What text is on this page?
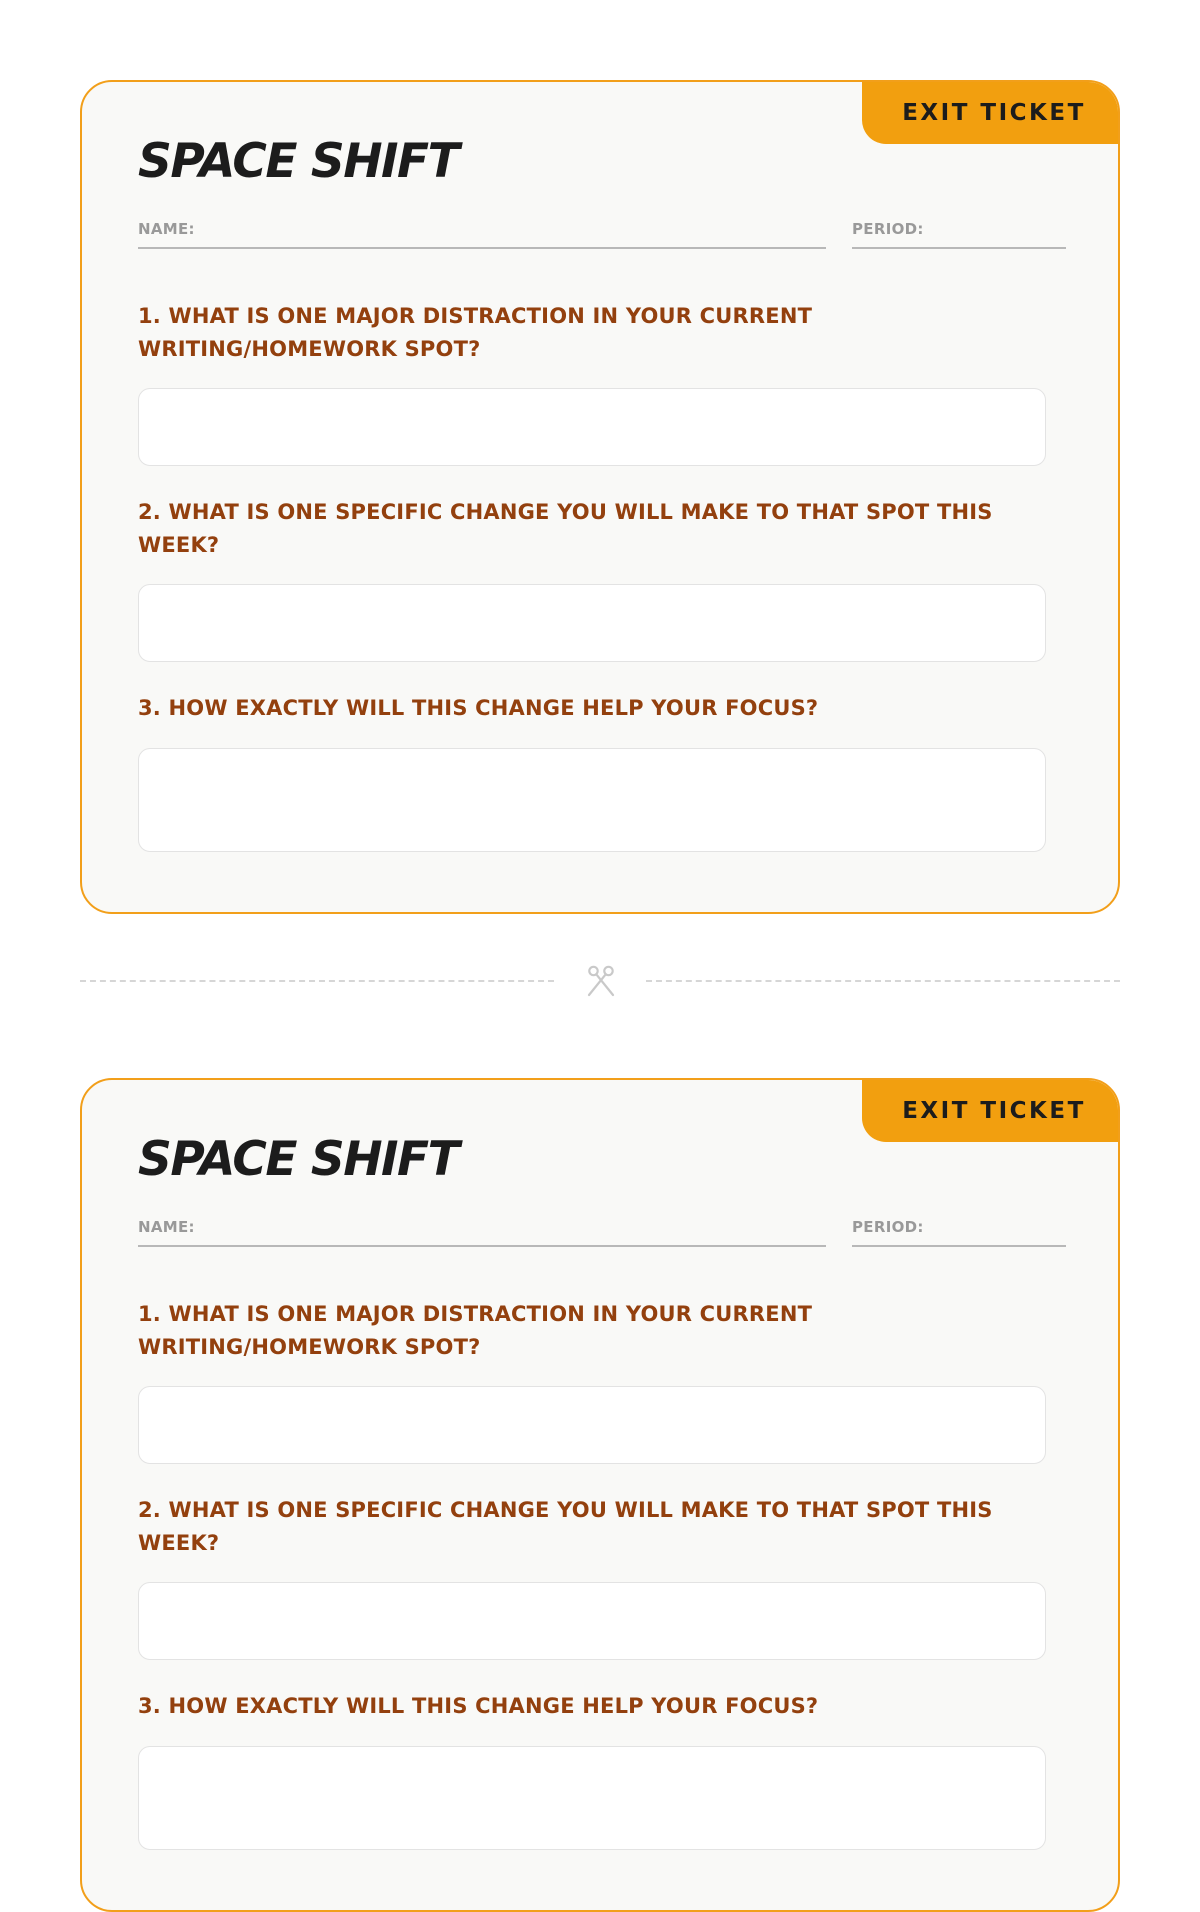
EXIT TICKET
SPACE SHIFT
NAME:	PERIOD:

1. WHAT IS ONE MAJOR DISTRACTION IN YOUR CURRENT WRITING/HOMEWORK SPOT?

2. WHAT IS ONE SPECIFIC CHANGE YOU WILL MAKE TO THAT SPOT THIS WEEK?

3. HOW EXACTLY WILL THIS CHANGE HELP YOUR FOCUS?

EXIT TICKET
SPACE SHIFT
NAME:	PERIOD:

1. WHAT IS ONE MAJOR DISTRACTION IN YOUR CURRENT WRITING/HOMEWORK SPOT?

2. WHAT IS ONE SPECIFIC CHANGE YOU WILL MAKE TO THAT SPOT THIS WEEK?

3. HOW EXACTLY WILL THIS CHANGE HELP YOUR FOCUS?
